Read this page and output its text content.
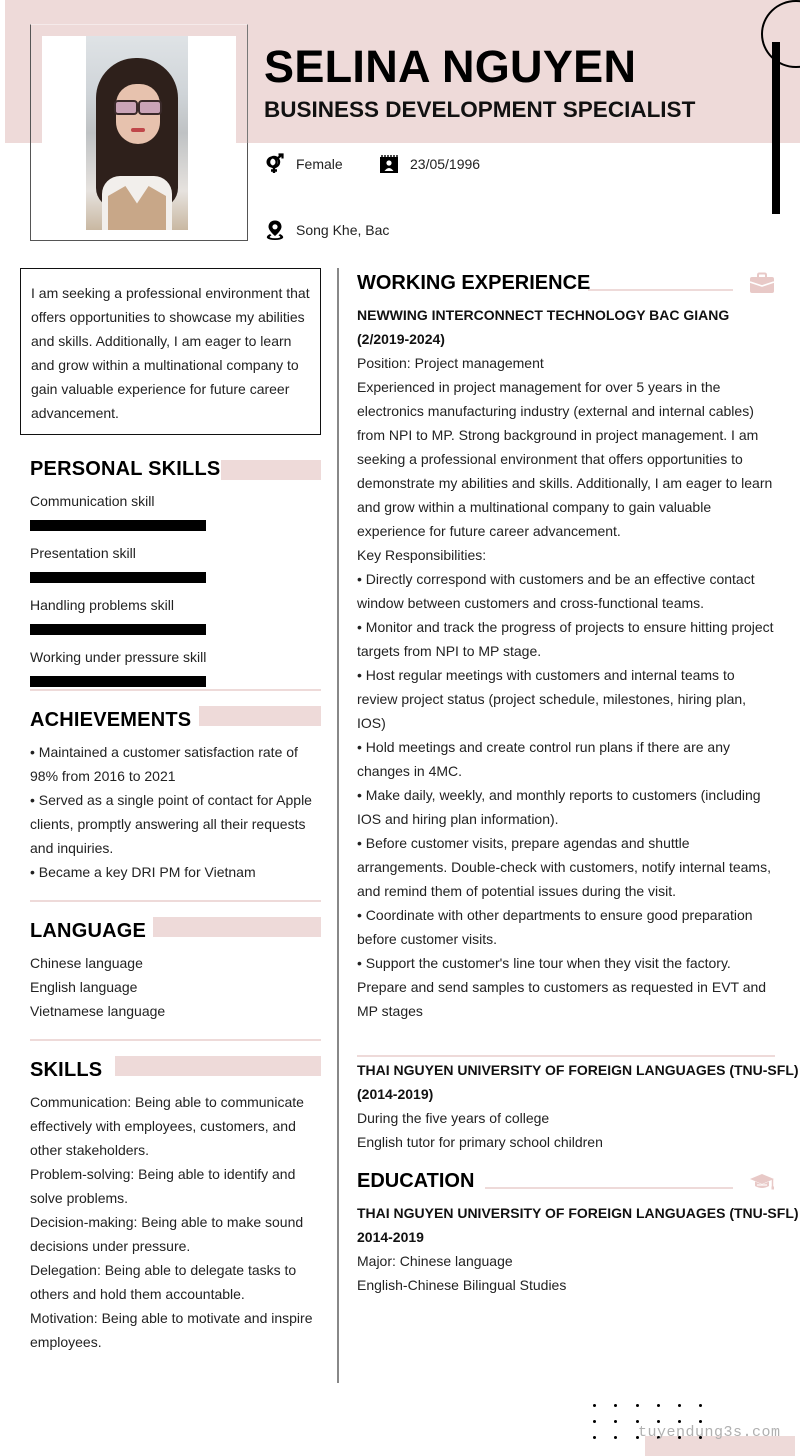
SELINA NGUYEN
BUSINESS DEVELOPMENT SPECIALIST
Female	23/05/1996
Song Khe, Bac
I am seeking a professional environment that offers opportunities to showcase my abilities and skills. Additionally, I am eager to learn and grow within a multinational company to gain valuable experience for future career advancement.
PERSONAL SKILLS
Communication skill
Presentation skill
Handling problems skill
Working under pressure skill
ACHIEVEMENTS
• Maintained a customer satisfaction rate of 98% from 2016 to 2021
• Served as a single point of contact for Apple clients, promptly answering all their requests and inquiries.
• Became a key DRI PM for Vietnam
LANGUAGE
Chinese language
English language
Vietnamese language
SKILLS
Communication: Being able to communicate effectively with employees, customers, and other stakeholders.
Problem-solving: Being able to identify and solve problems.
Decision-making: Being able to make sound decisions under pressure.
Delegation: Being able to delegate tasks to others and hold them accountable.
Motivation: Being able to motivate and inspire employees.
WORKING EXPERIENCE
NEWWING INTERCONNECT TECHNOLOGY BAC GIANG
(2/2019-2024)
Position: Project management
Experienced in project management for over 5 years in the electronics manufacturing industry (external and internal cables) from NPI to MP. Strong background in project management. I am seeking a professional environment that offers opportunities to demonstrate my abilities and skills. Additionally, I am eager to learn and grow within a multinational company to gain valuable experience for future career advancement.
Key Responsibilities:
• Directly correspond with customers and be an effective contact window between customers and cross-functional teams.
• Monitor and track the progress of projects to ensure hitting project targets from NPI to MP stage.
• Host regular meetings with customers and internal teams to review project status (project schedule, milestones, hiring plan, IOS)
• Hold meetings and create control run plans if there are any changes in 4MC.
• Make daily, weekly, and monthly reports to customers (including IOS and hiring plan information).
• Before customer visits, prepare agendas and shuttle arrangements. Double-check with customers, notify internal teams, and remind them of potential issues during the visit.
• Coordinate with other departments to ensure good preparation before customer visits.
• Support the customer's line tour when they visit the factory. Prepare and send samples to customers as requested in EVT and MP stages
THAI NGUYEN UNIVERSITY OF FOREIGN LANGUAGES (TNU-SFL)
(2014-2019)
During the five years of college
English tutor for primary school children
EDUCATION
THAI NGUYEN UNIVERSITY OF FOREIGN LANGUAGES (TNU-SFL)
2014-2019
Major: Chinese language
English-Chinese Bilingual Studies
tuyendung3s.com
